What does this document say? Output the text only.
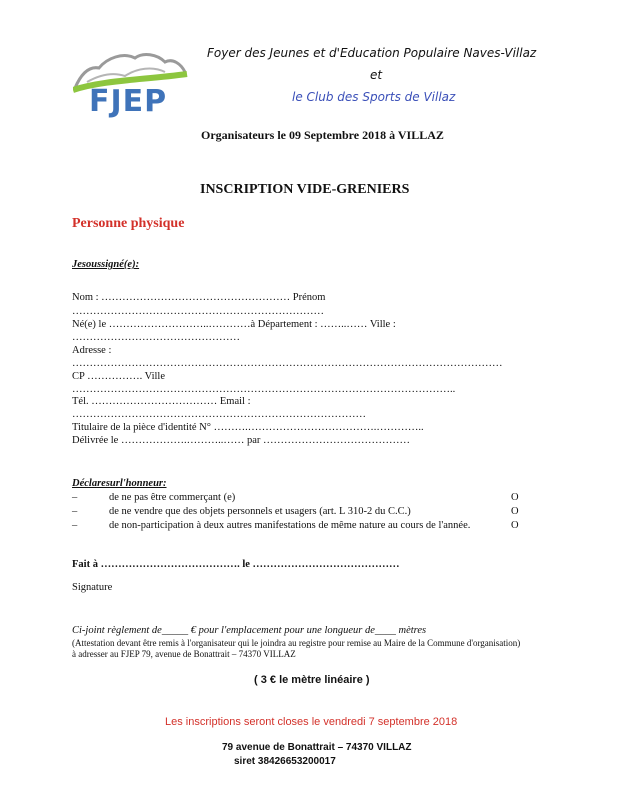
FJEP
Foyer des Jeunes et d'Education Populaire Naves-Villaz
et
le Club des Sports de Villaz
Organisateurs le 09 Septembre 2018 à VILLAZ
INSCRIPTION VIDE-GRENIERS
Personne physique
Jesoussigné(e):
Nom : ……………………………………………… Prénom
………………………………………………………………
Né(e) le ………………………..…………à Département : ……..…… Ville :
…………………………………………
Adresse :
……………………………………………………………………………………………………………
CP ……………. Ville
………………………………………………………………………………………………..
Tél. ……………………………… Email :
…………………………………………………………………………
Titulaire de la pièce d'identité N° ……….……………………………….…………..
Délivrée le ……………….………..…… par ……………………………………
Déclaresurl'honneur:
–	de ne pas être commerçant (e)	O
–	de ne vendre que des objets personnels et usagers (art. L 310-2 du C.C.)	O
–	de non-participation à deux autres manifestations de même nature au cours de l'année.	O
Fait à …………………………………. le ……………………………………
Signature
Ci-joint règlement de_____ € pour l'emplacement pour une longueur de____ mètres
(Attestation devant être remis à l'organisateur qui le joindra au registre pour remise au Maire de la Commune d'organisation)
à adresser au FJEP 79, avenue de Bonattrait – 74370 VILLAZ
( 3 € le mètre linéaire )
Les inscriptions seront closes le vendredi 7 septembre 2018
79 avenue de Bonattrait – 74370 VILLAZ
siret 38426653200017
